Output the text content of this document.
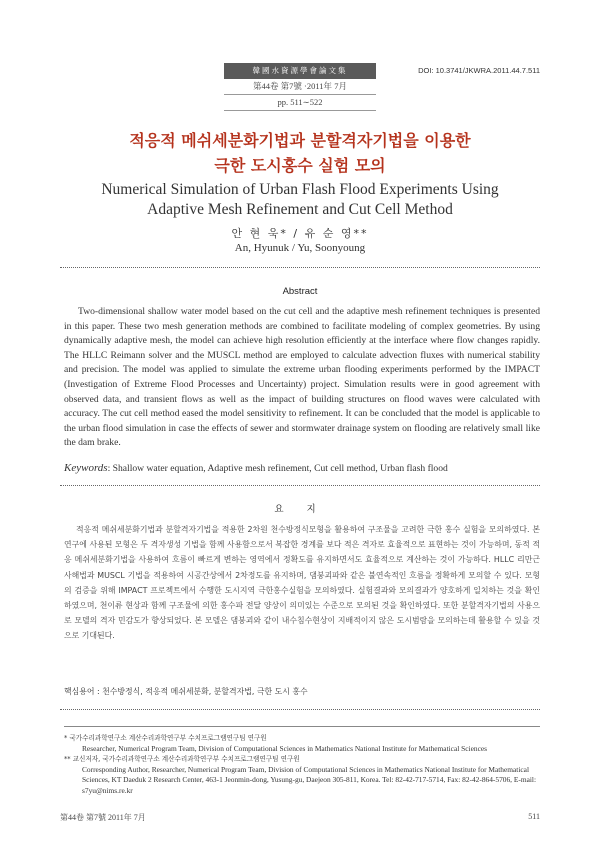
韓國水資源學會論文集
第44卷 第7號 ·2011年 7月
pp. 511∼522
DOI: 10.3741/JKWRA.2011.44.7.511
적응적 메쉬세분화기법과 분할격자기법을 이용한
극한 도시홍수 실험 모의
Numerical Simulation of Urban Flash Flood Experiments Using
Adaptive Mesh Refinement and Cut Cell Method
안 현 욱* / 유 순 영**
An, Hyunuk / Yu, Soonyoung
Abstract
Two-dimensional shallow water model based on the cut cell and the adaptive mesh refinement techniques is presented in this paper. These two mesh generation methods are combined to facilitate modeling of complex geometries. By using dynamically adaptive mesh, the model can achieve high resolution efficiently at the interface where flow changes rapidly. The HLLC Reimann solver and the MUSCL method are employed to calculate advection fluxes with numerical stability and precision. The model was applied to simulate the extreme urban flooding experiments performed by the IMPACT (Investigation of Extreme Flood Processes and Uncertainty) project. Simulation results were in good agreement with observed data, and transient flows as well as the impact of building structures on flood waves were calculated with accuracy. The cut cell method eased the model sensitivity to refinement. It can be concluded that the model is applicable to the urban flood simulation in case the effects of sewer and stormwater drainage system on flooding are relatively small like the dam brake.
Keywords: Shallow water equation, Adaptive mesh refinement, Cut cell method, Urban flash flood
요 지
적응적 메쉬세분화기법과 분할격자기법을 적용한 2차원 천수방정식모형을 활용하여 구조물을 고려한 극한 홍수 실험을 모의하였다. 본 연구에 사용된 모형은 두 격자생성 기법을 함께 사용함으로서 복잡한 경계를 보다 적은 격자로 효율적으로 표현하는 것이 가능하며, 동적 적응 메쉬세분화기법을 사용하여 흐름이 빠르게 변하는 영역에서 정확도를 유지하면서도 효율적으로 계산하는 것이 가능하다. HLLC 리만근사해법과 MUSCL 기법을 적용하여 시공간상에서 2차정도를 유지하며, 댐붕괴파와 같은 불연속적인 흐름을 정확하게 모의할 수 있다. 모형의 검증을 위해 IMPACT 프로젝트에서 수행한 도시지역 극한홍수실험을 모의하였다. 실험결과와 모의결과가 양호하게 일치하는 것을 확인하였으며, 천이류 현상과 함께 구조물에 의한 홍수파 전달 양상이 의미있는 수준으로 모의된 것을 확인하였다. 또한 분할격자기법의 사용으로 모델의 격자 민감도가 향상되었다. 본 모델은 댐붕괴와 같이 내수침수현상이 지배적이지 않은 도시범람을 모의하는데 활용할 수 있을 것으로 기대된다.
핵심용어 : 천수방정식, 적응적 메쉬세분화, 분할격자법, 극한 도시 홍수
* 국가수리과학연구소 계산수리과학연구부 수치프로그램연구팀 연구원
Researcher, Numerical Program Team, Division of Computational Sciences in Mathematics National Institute for Mathematical Sciences
** 교신저자, 국가수리과학연구소 계산수리과학연구부 수치프로그램연구팀 연구원
Corresponding Author, Researcher, Numerical Program Team, Division of Computational Sciences in Mathematics National Institute for Mathematical Sciences, KT Daeduk 2 Research Center, 463-1 Jeonmin-dong, Yusung-gu, Daejeon 305-811, Korea. Tel: 82-42-717-5714, Fax: 82-42-864-5706, E-mail: s7yu@nims.re.kr
第44卷 第7號 2011年 7月	511
